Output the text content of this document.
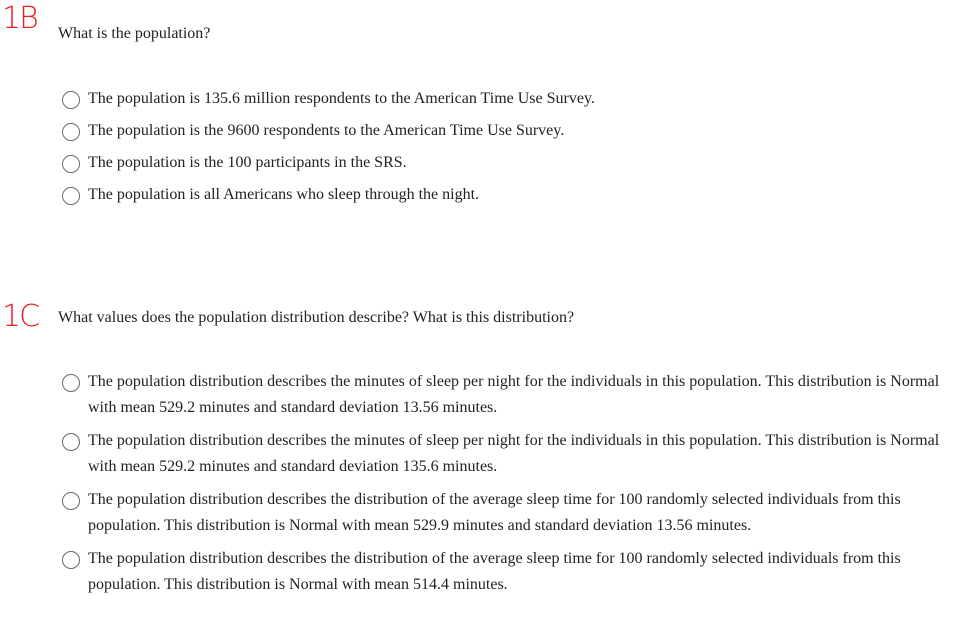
1B What is the population?
The population is 135.6 million respondents to the American Time Use Survey.
The population is the 9600 respondents to the American Time Use Survey.
The population is the 100 participants in the SRS.
The population is all Americans who sleep through the night.
1C What values does the population distribution describe? What is this distribution?
The population distribution describes the minutes of sleep per night for the individuals in this population. This distribution is Normal with mean 529.2 minutes and standard deviation 13.56 minutes.
The population distribution describes the minutes of sleep per night for the individuals in this population. This distribution is Normal with mean 529.2 minutes and standard deviation 135.6 minutes.
The population distribution describes the distribution of the average sleep time for 100 randomly selected individuals from this population. This distribution is Normal with mean 529.9 minutes and standard deviation 13.56 minutes.
The population distribution describes the distribution of the average sleep time for 100 randomly selected individuals from this population. This distribution is Normal with mean 514.4 minutes.
